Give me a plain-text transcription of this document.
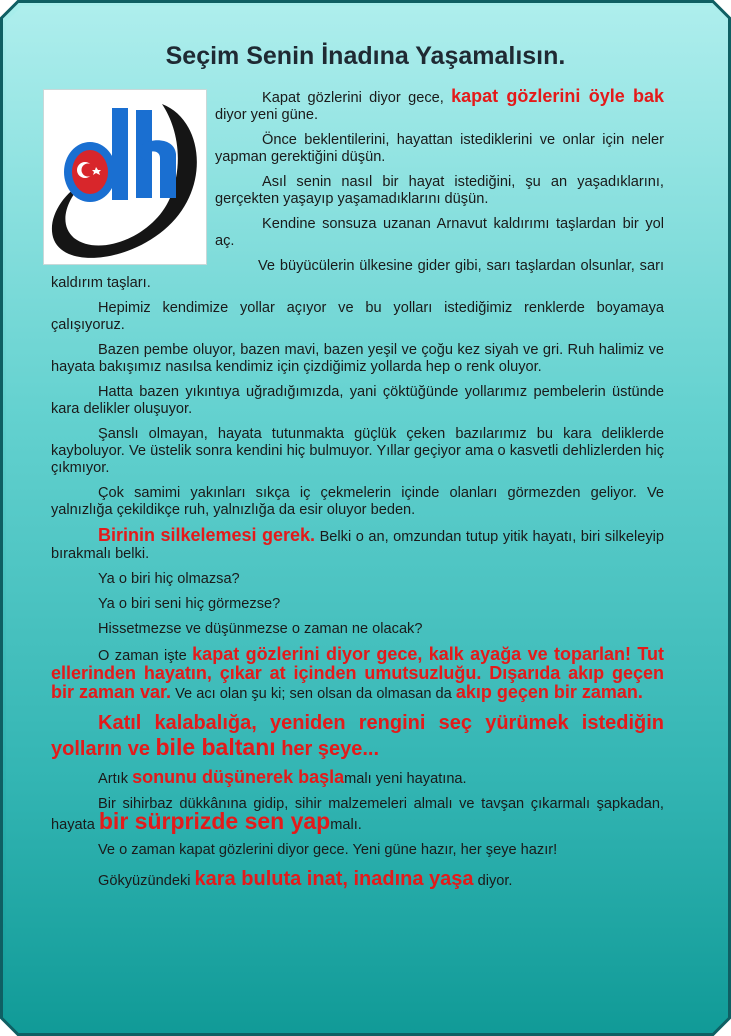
Seçim Senin İnadına Yaşamalısın.

Kapat gözlerini diyor gece, kapat gözlerini öyle bak diyor yeni güne.

Önce beklentilerini, hayattan istediklerini ve onlar için neler yapman gerektiğini düşün.

Asıl senin nasıl bir hayat istediğini, şu an yaşadıklarını, gerçekten yaşayıp yaşamadıklarını düşün.

Kendine sonsuza uzanan Arnavut kaldırımı taşlardan bir yol aç.

Ve büyücülerin ülkesine gider gibi, sarı taşlardan olsunlar, sarı kaldırım taşları.

Hepimiz kendimize yollar açıyor ve bu yolları istediğimiz renklerde boyamaya çalışıyoruz.

Bazen pembe oluyor, bazen mavi, bazen yeşil ve çoğu kez siyah ve gri. Ruh halimiz ve hayata bakışımız nasılsa kendimiz için çizdiğimiz yollarda hep o renk oluyor.

Hatta bazen yıkıntıya uğradığımızda, yani çöktüğünde yollarımız pembelerin üstünde kara delikler oluşuyor.

Şanslı olmayan, hayata tutunmakta güçlük çeken bazılarımız bu kara deliklerde kayboluyor. Ve üstelik sonra kendini hiç bulmuyor. Yıllar geçiyor ama o kasvetli dehlizlerden hiç çıkmıyor.

Çok samimi yakınları sıkça iç çekmelerin içinde olanları görmezden geliyor. Ve yalnızlığa çekildikçe ruh, yalnızlığa da esir oluyor beden.

Birinin silkelemesi gerek. Belki o an, omzundan tutup yitik hayatı, biri silkeleyip bırakmalı belki.

Ya o biri hiç olmazsa?

Ya o biri seni hiç görmezse?

Hissetmezse ve düşünmezse o zaman ne olacak?

O zaman işte kapat gözlerini diyor gece, kalk ayağa ve toparlan! Tut ellerinden hayatın, çıkar at içinden umutsuzluğu. Dışarıda akıp geçen bir zaman var. Ve acı olan şu ki; sen olsan da olmasan da akıp geçen bir zaman.

Katıl kalabalığa, yeniden rengini seç yürümek istediğin yolların ve bile baltanı her şeye...

Artık sonunu düşünerek başlamalı yeni hayatına.

Bir sihirbaz dükkânına gidip, sihir malzemeleri almalı ve tavşan çıkarmalı şapkadan, hayata bir sürprizde sen yapmalı.

Ve o zaman kapat gözlerini diyor gece. Yeni güne hazır, her şeye hazır!

Gökyüzündeki kara buluta inat, inadına yaşa diyor.
